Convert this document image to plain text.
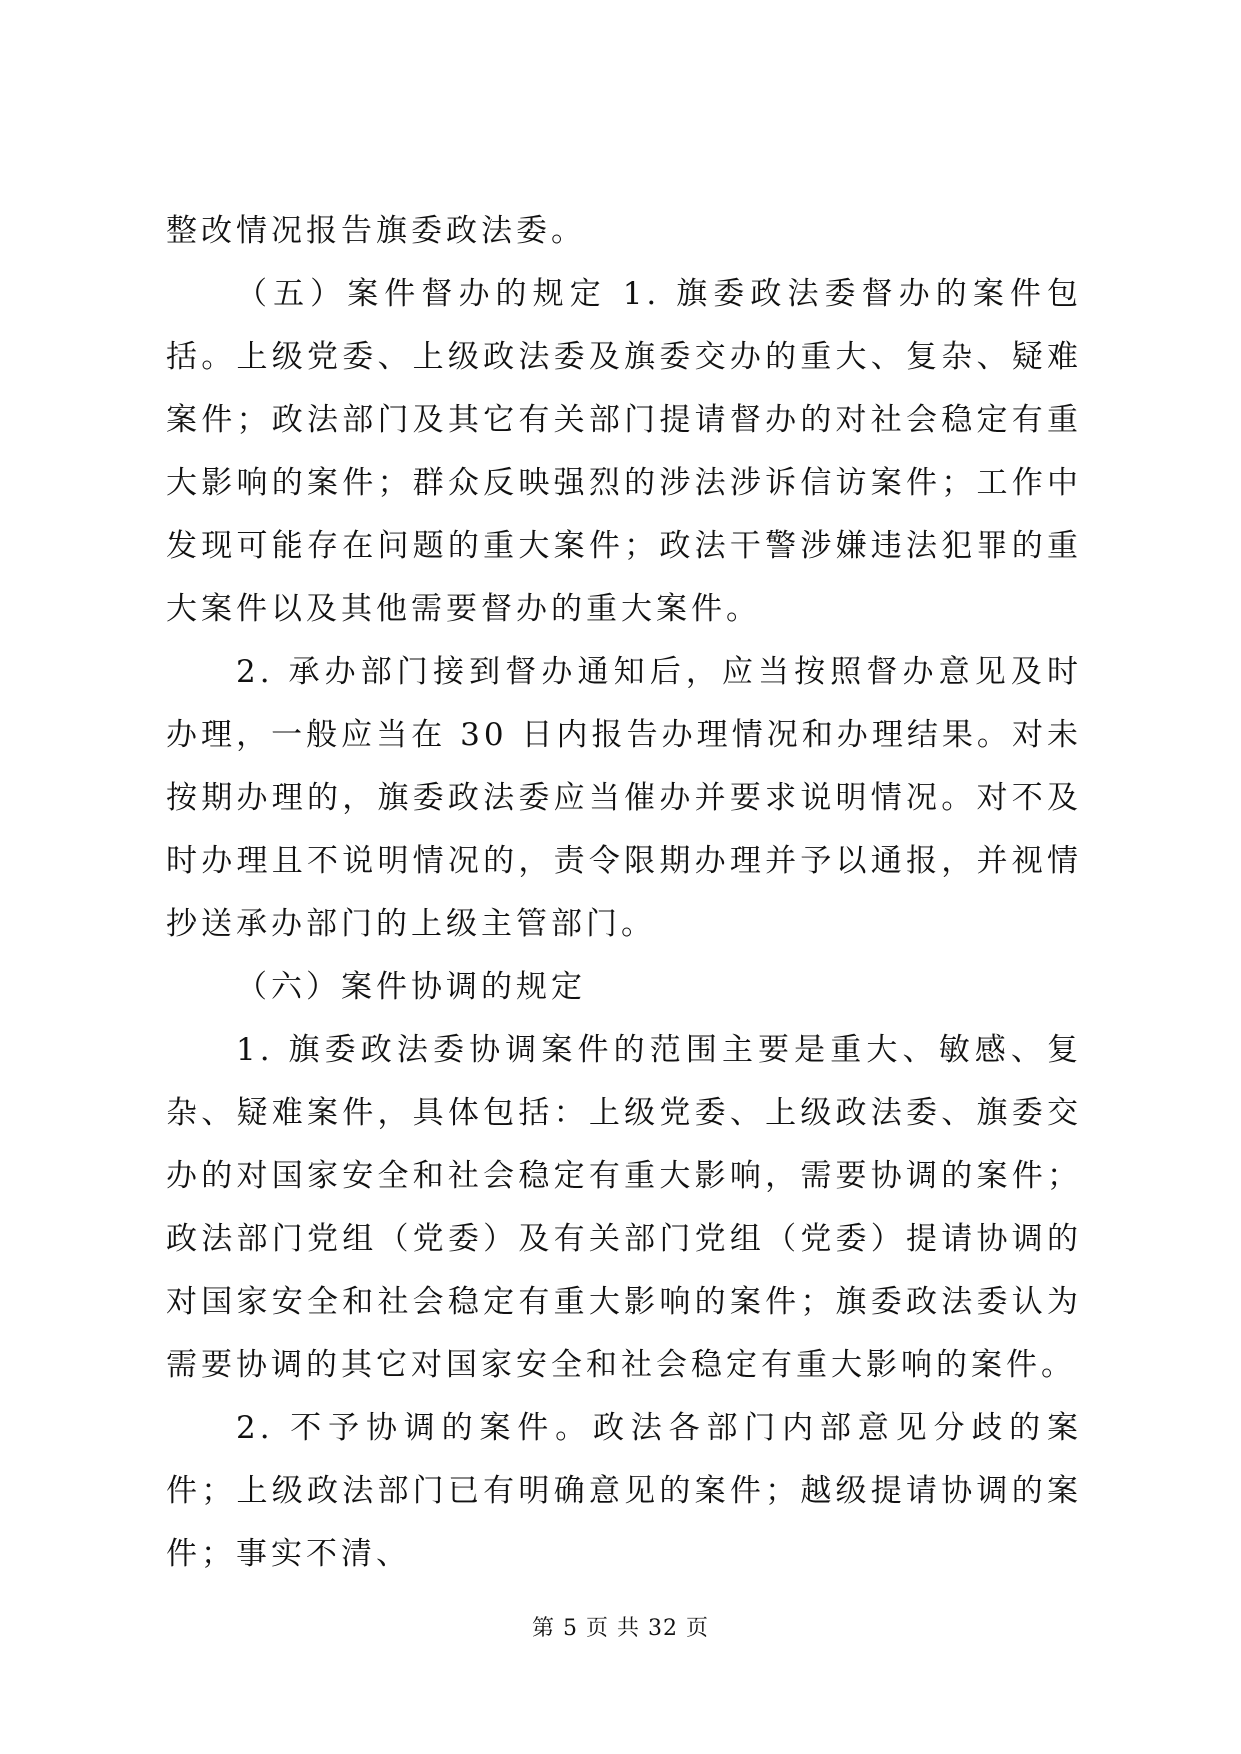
整改情况报告旗委政法委。

（五）案件督办的规定 1. 旗委政法委督办的案件包括。上级党委、上级政法委及旗委交办的重大、复杂、疑难案件；政法部门及其它有关部门提请督办的对社会稳定有重大影响的案件；群众反映强烈的涉法涉诉信访案件；工作中发现可能存在问题的重大案件；政法干警涉嫌违法犯罪的重大案件以及其他需要督办的重大案件。

2. 承办部门接到督办通知后，应当按照督办意见及时办理，一般应当在 30 日内报告办理情况和办理结果。对未按期办理的，旗委政法委应当催办并要求说明情况。对不及时办理且不说明情况的，责令限期办理并予以通报，并视情抄送承办部门的上级主管部门。

（六）案件协调的规定

1. 旗委政法委协调案件的范围主要是重大、敏感、复杂、疑难案件，具体包括：上级党委、上级政法委、旗委交办的对国家安全和社会稳定有重大影响，需要协调的案件；政法部门党组（党委）及有关部门党组（党委）提请协调的对国家安全和社会稳定有重大影响的案件；旗委政法委认为需要协调的其它对国家安全和社会稳定有重大影响的案件。

2. 不予协调的案件。政法各部门内部意见分歧的案件；上级政法部门已有明确意见的案件；越级提请协调的案件；事实不清、

第 5 页 共 32 页
